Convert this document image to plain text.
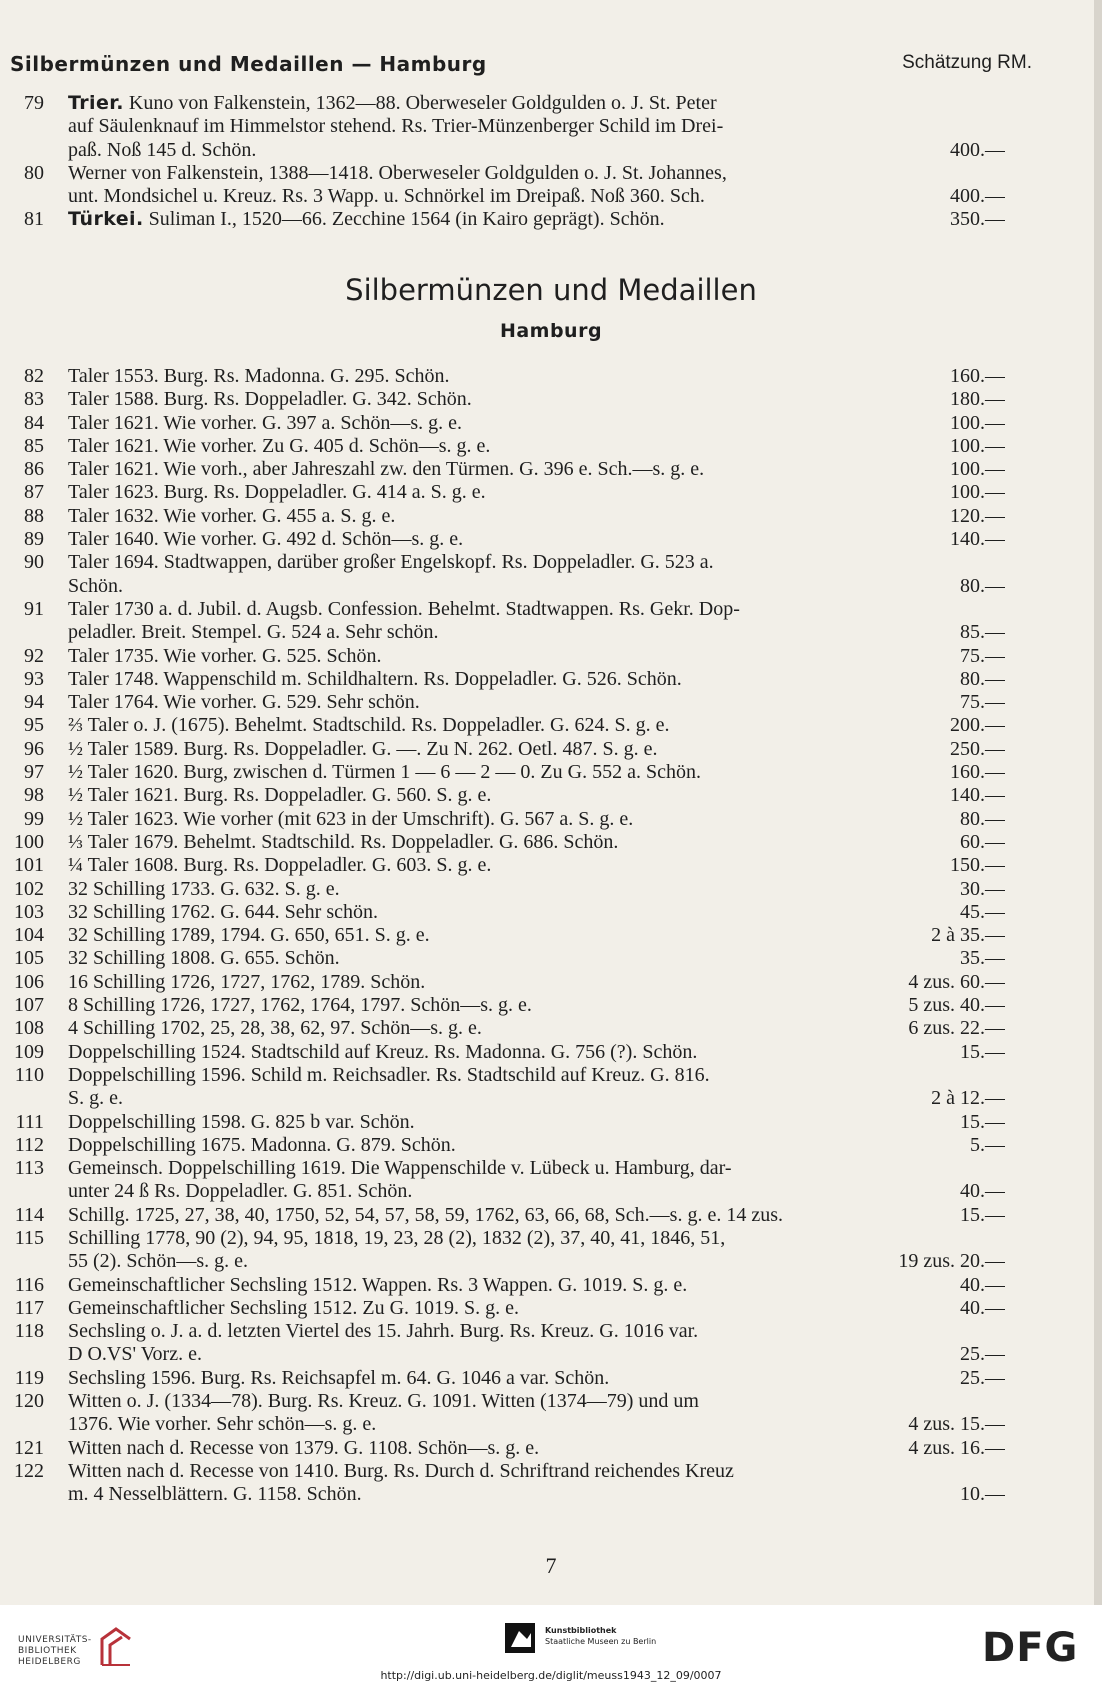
Silbermünzen und Medaillen — Hamburg	Schätzung RM.
79 Trier. Kuno von Falkenstein, 1362—88. Oberweseler Goldgulden o. J. St. Peter
auf Säulenknauf im Himmelstor stehend. Rs. Trier-Münzenberger Schild im Drei-
paß. Noß 145 d. Schön.	400.—
80 Werner von Falkenstein, 1388—1418. Oberweseler Goldgulden o. J. St. Johannes,
unt. Mondsichel u. Kreuz. Rs. 3 Wapp. u. Schnörkel im Dreipaß. Noß 360. Sch.	400.—
81 Türkei. Suliman I., 1520—66. Zecchine 1564 (in Kairo geprägt). Schön.	350.—
Silbermünzen und Medaillen
Hamburg
82 Taler 1553. Burg. Rs. Madonna. G. 295. Schön.	160.—
83 Taler 1588. Burg. Rs. Doppeladler. G. 342. Schön.	180.—
84 Taler 1621. Wie vorher. G. 397 a. Schön—s. g. e.	100.—
85 Taler 1621. Wie vorher. Zu G. 405 d. Schön—s. g. e.	100.—
86 Taler 1621. Wie vorh., aber Jahreszahl zw. den Türmen. G. 396 e. Sch.—s. g. e.	100.—
87 Taler 1623. Burg. Rs. Doppeladler. G. 414 a. S. g. e.	100.—
88 Taler 1632. Wie vorher. G. 455 a. S. g. e.	120.—
89 Taler 1640. Wie vorher. G. 492 d. Schön—s. g. e.	140.—
90 Taler 1694. Stadtwappen, darüber großer Engelskopf. Rs. Doppeladler. G. 523 a.
Schön.	80.—
91 Taler 1730 a. d. Jubil. d. Augsb. Confession. Behelmt. Stadtwappen. Rs. Gekr. Dop-
peladler. Breit. Stempel. G. 524 a. Sehr schön.	85.—
92 Taler 1735. Wie vorher. G. 525. Schön.	75.—
93 Taler 1748. Wappenschild m. Schildhaltern. Rs. Doppeladler. G. 526. Schön.	80.—
94 Taler 1764. Wie vorher. G. 529. Sehr schön.	75.—
95 ⅔ Taler o. J. (1675). Behelmt. Stadtschild. Rs. Doppeladler. G. 624. S. g. e.	200.—
96 ½ Taler 1589. Burg. Rs. Doppeladler. G. —. Zu N. 262. Oetl. 487. S. g. e.	250.—
97 ½ Taler 1620. Burg, zwischen d. Türmen 1 — 6 — 2 — 0. Zu G. 552 a. Schön.	160.—
98 ½ Taler 1621. Burg. Rs. Doppeladler. G. 560. S. g. e.	140.—
99 ½ Taler 1623. Wie vorher (mit 623 in der Umschrift). G. 567 a. S. g. e.	80.—
100 ⅓ Taler 1679. Behelmt. Stadtschild. Rs. Doppeladler. G. 686. Schön.	60.—
101 ¼ Taler 1608. Burg. Rs. Doppeladler. G. 603. S. g. e.	150.—
102 32 Schilling 1733. G. 632. S. g. e.	30.—
103 32 Schilling 1762. G. 644. Sehr schön.	45.—
104 32 Schilling 1789, 1794. G. 650, 651. S. g. e.	2 à 35.—
105 32 Schilling 1808. G. 655. Schön.	35.—
106 16 Schilling 1726, 1727, 1762, 1789. Schön.	4 zus. 60.—
107 8 Schilling 1726, 1727, 1762, 1764, 1797. Schön—s. g. e.	5 zus. 40.—
108 4 Schilling 1702, 25, 28, 38, 62, 97. Schön—s. g. e.	6 zus. 22.—
109 Doppelschilling 1524. Stadtschild auf Kreuz. Rs. Madonna. G. 756 (?). Schön.	15.—
110 Doppelschilling 1596. Schild m. Reichsadler. Rs. Stadtschild auf Kreuz. G. 816.
S. g. e.	2 à 12.—
111 Doppelschilling 1598. G. 825 b var. Schön.	15.—
112 Doppelschilling 1675. Madonna. G. 879. Schön.	5.—
113 Gemeinsch. Doppelschilling 1619. Die Wappenschilde v. Lübeck u. Hamburg, dar-
unter 24 ß Rs. Doppeladler. G. 851. Schön.	40.—
114 Schillg. 1725, 27, 38, 40, 1750, 52, 54, 57, 58, 59, 1762, 63, 66, 68, Sch.—s. g. e. 14 zus.	15.—
115 Schilling 1778, 90 (2), 94, 95, 1818, 19, 23, 28 (2), 1832 (2), 37, 40, 41, 1846, 51,
55 (2). Schön—s. g. e.	19 zus. 20.—
116 Gemeinschaftlicher Sechsling 1512. Wappen. Rs. 3 Wappen. G. 1019. S. g. e.	40.—
117 Gemeinschaftlicher Sechsling 1512. Zu G. 1019. S. g. e.	40.—
118 Sechsling o. J. a. d. letzten Viertel des 15. Jahrh. Burg. Rs. Kreuz. G. 1016 var.
D O.VS' Vorz. e.	25.—
119 Sechsling 1596. Burg. Rs. Reichsapfel m. 64. G. 1046 a var. Schön.	25.—
120 Witten o. J. (1334—78). Burg. Rs. Kreuz. G. 1091. Witten (1374—79) und um
1376. Wie vorher. Sehr schön—s. g. e.	4 zus. 15.—
121 Witten nach d. Recesse von 1379. G. 1108. Schön—s. g. e.	4 zus. 16.—
122 Witten nach d. Recesse von 1410. Burg. Rs. Durch d. Schriftrand reichendes Kreuz
m. 4 Nesselblättern. G. 1158. Schön.	10.—
7
UNIVERSITÄTS-
BIBLIOTHEK
HEIDELBERG
Kunstbibliothek
Staatliche Museen zu Berlin	DFG
http://digi.ub.uni-heidelberg.de/diglit/meuss1943_12_09/0007
